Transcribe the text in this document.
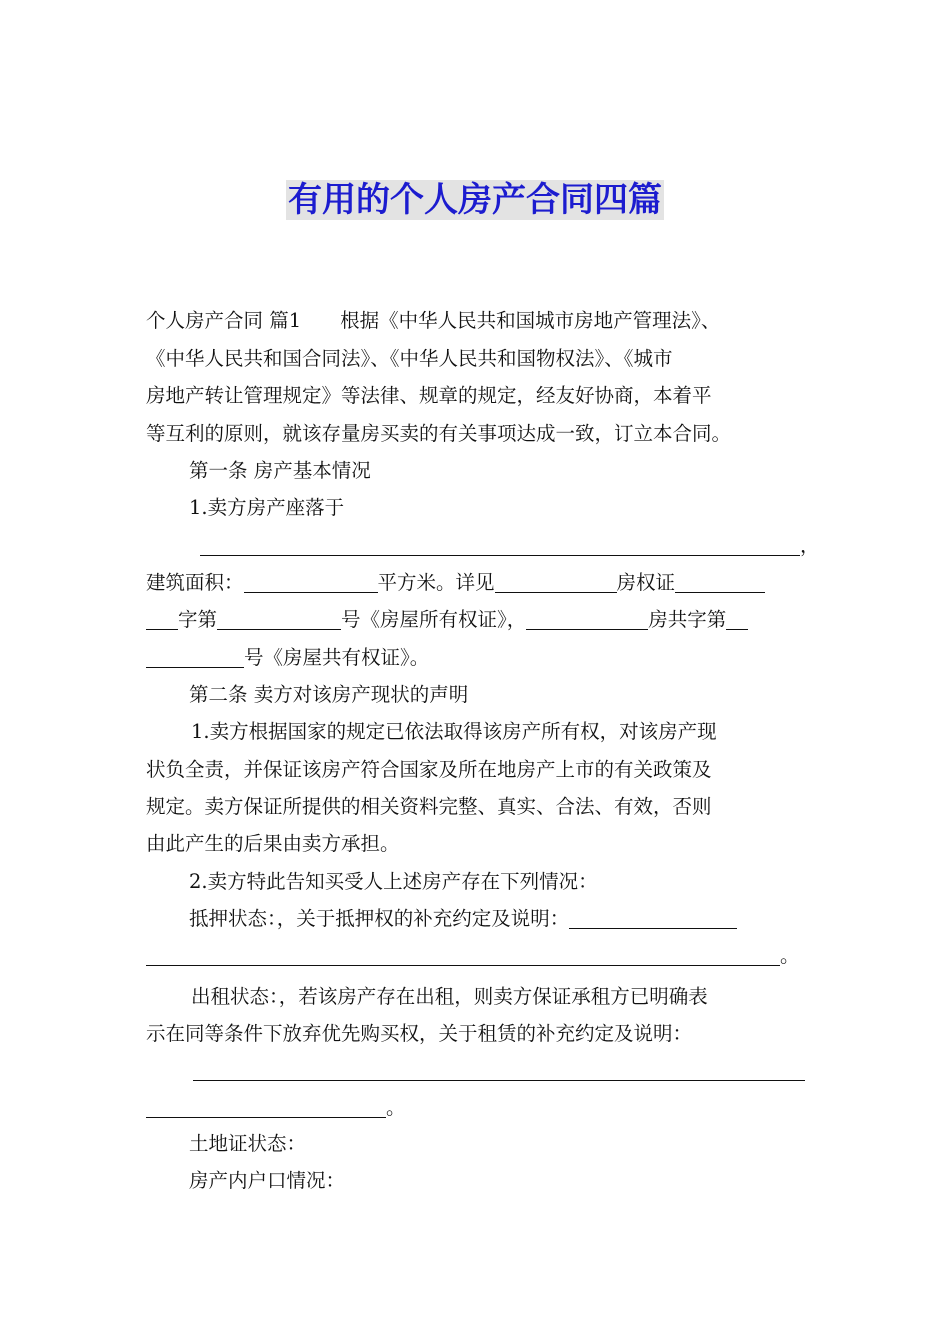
有用的个人房产合同四篇
个人房产合同 篇1　　根据《中华人民共和国城市房地产管理法》、
《中华人民共和国合同法》、《中华人民共和国物权法》、《城市
房地产转让管理规定》等法律、规章的规定，经友好协商，本着平
等互利的原则，就该存量房买卖的有关事项达成一致，订立本合同。
第一条 房产基本情况
1.卖方房产座落于
，
建筑面积：	平方米。详见	房权证
字第	号《房屋所有权证》，	房共字第
号《房屋共有权证》。
第二条 卖方对该房产现状的声明
1.卖方根据国家的规定已依法取得该房产所有权，对该房产现
状负全责，并保证该房产符合国家及所在地房产上市的有关政策及
规定。卖方保证所提供的相关资料完整、真实、合法、有效，否则
由此产生的后果由卖方承担。
2.卖方特此告知买受人上述房产存在下列情况：
抵押状态：，关于抵押权的补充约定及说明：
。
出租状态：，若该房产存在出租，则卖方保证承租方已明确表
示在同等条件下放弃优先购买权，关于租赁的补充约定及说明：
。
土地证状态：
房产内户口情况：
